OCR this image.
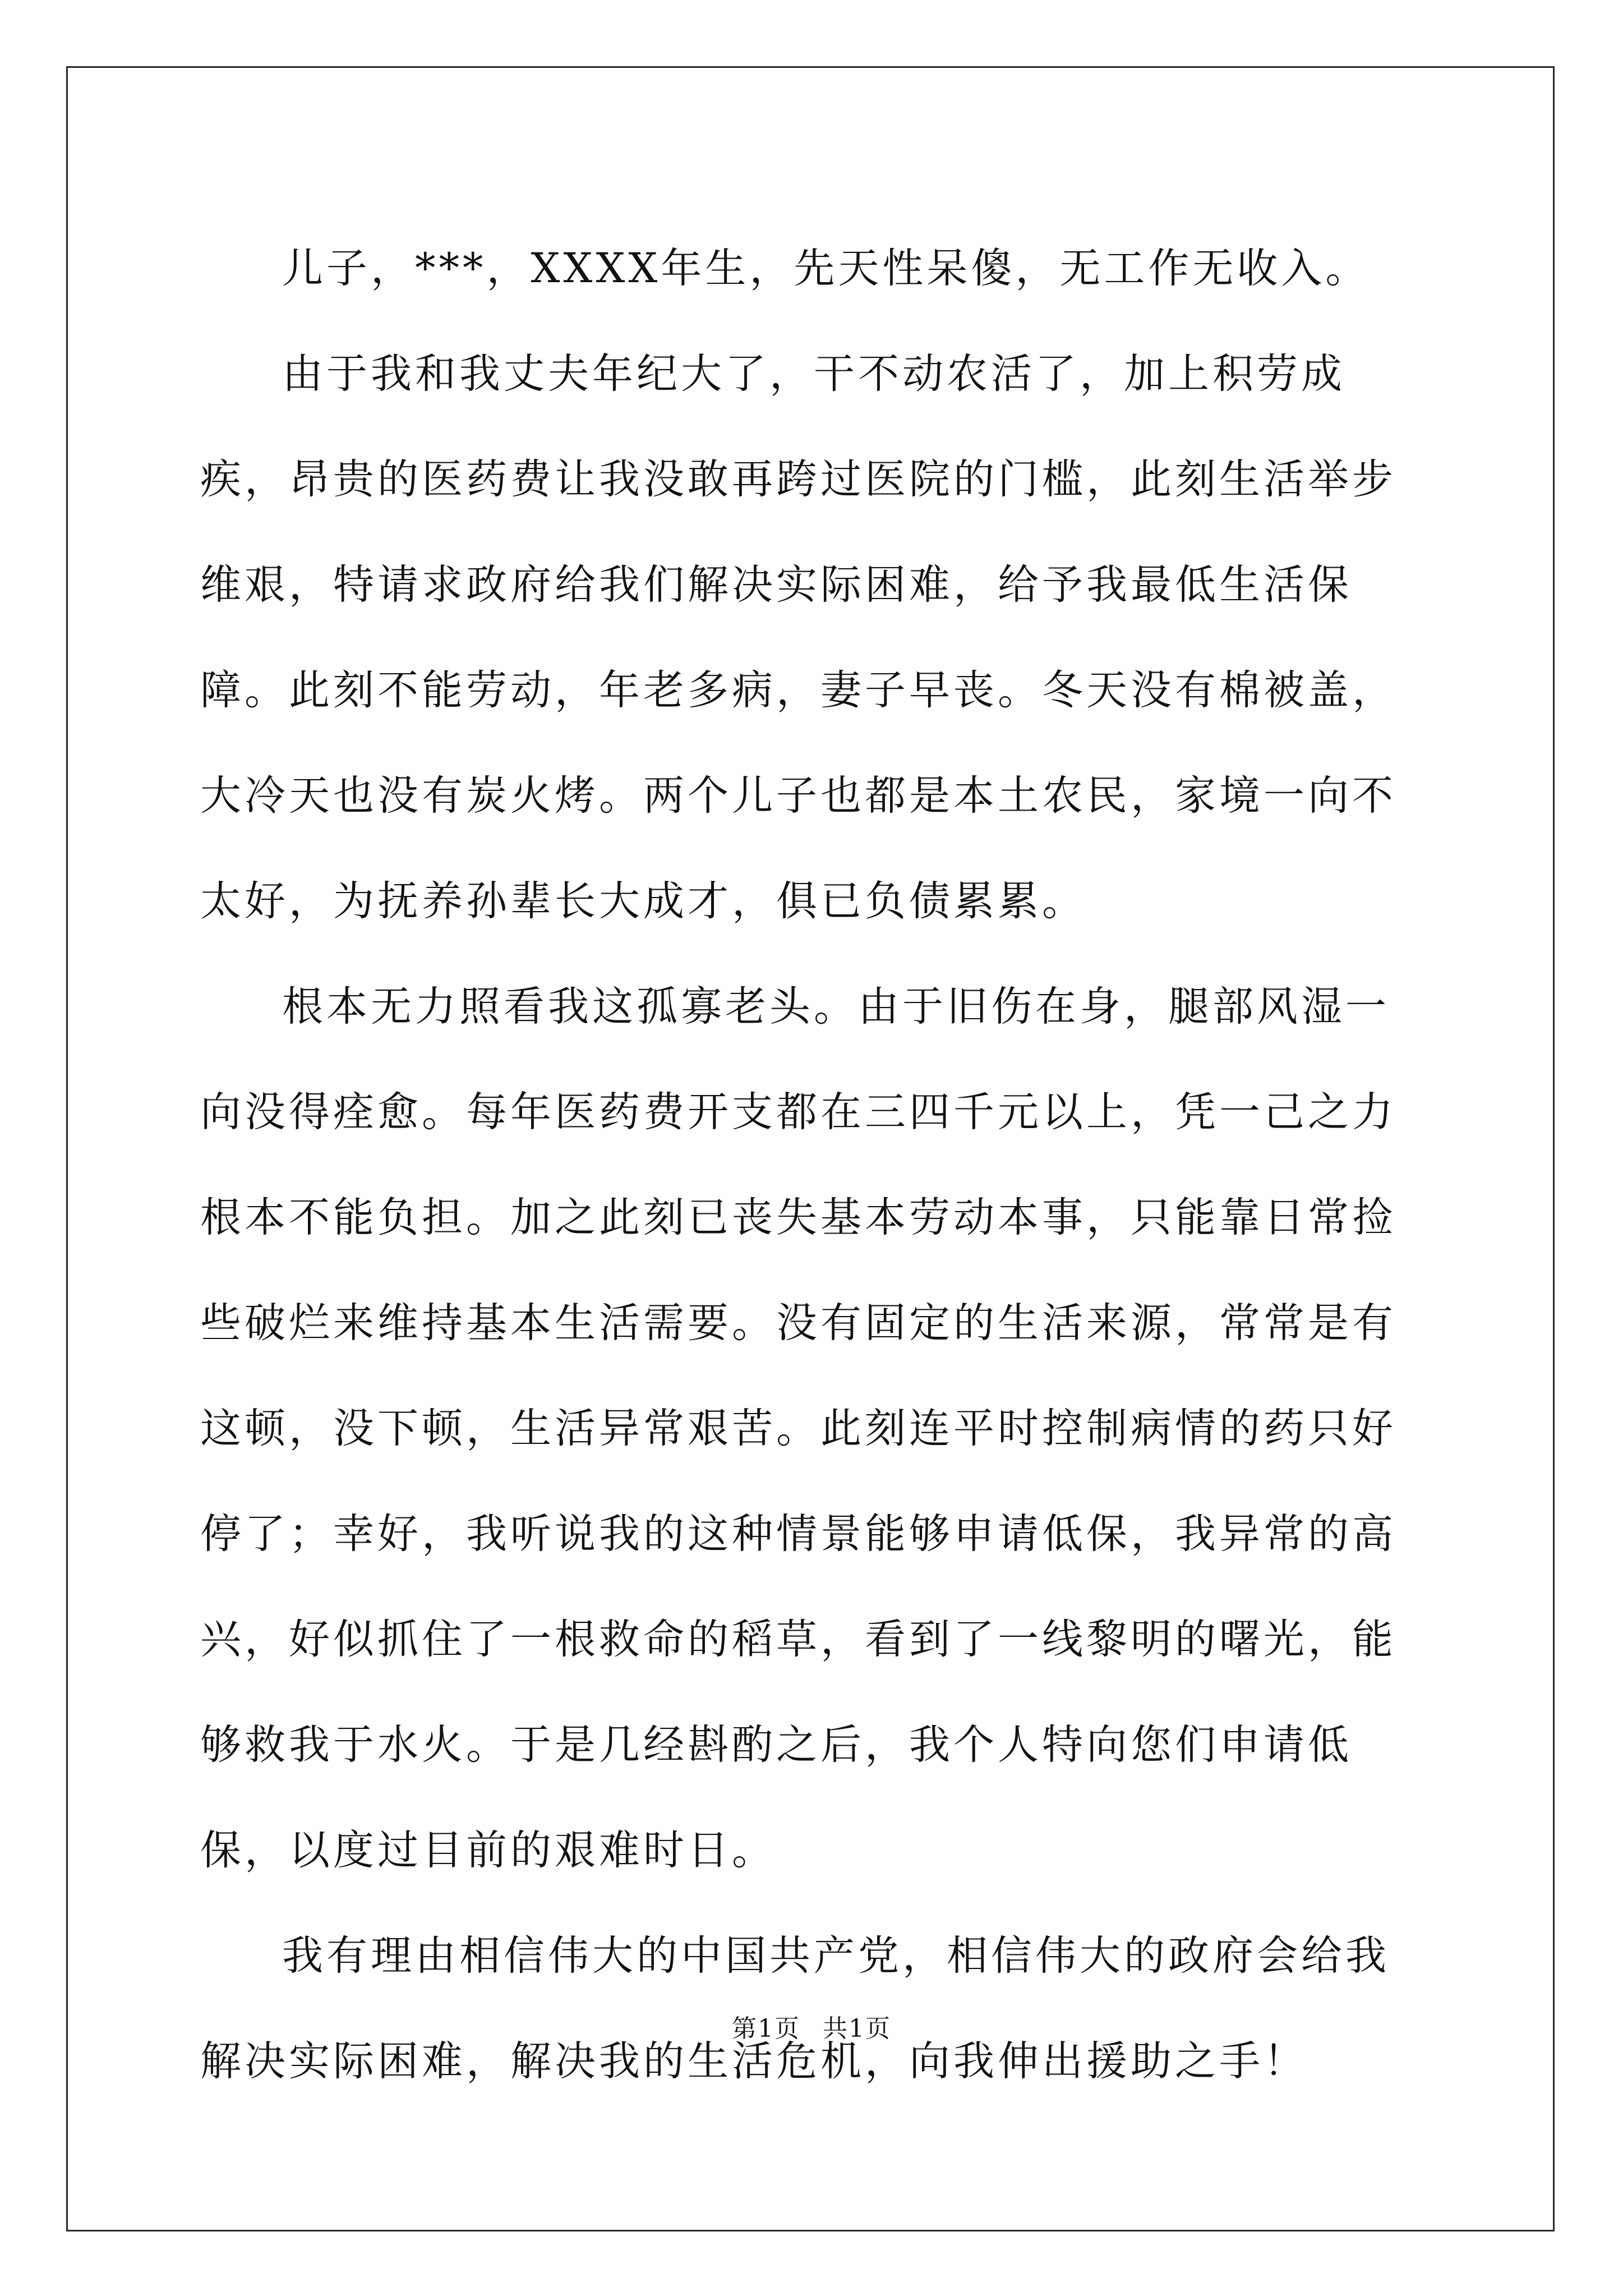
儿子，***，XXXX年生，先天性呆傻，无工作无收入。

由于我和我丈夫年纪大了，干不动农活了，加上积劳成疾，昂贵的医药费让我没敢再跨过医院的门槛，此刻生活举步维艰，特请求政府给我们解决实际困难，给予我最低生活保障。此刻不能劳动，年老多病，妻子早丧。冬天没有棉被盖，大冷天也没有炭火烤。两个儿子也都是本土农民，家境一向不太好，为抚养孙辈长大成才，俱已负债累累。

根本无力照看我这孤寡老头。由于旧伤在身，腿部风湿一向没得痊愈。每年医药费开支都在三四千元以上，凭一己之力根本不能负担。加之此刻已丧失基本劳动本事，只能靠日常捡些破烂来维持基本生活需要。没有固定的生活来源，常常是有这顿，没下顿，生活异常艰苦。此刻连平时控制病情的药只好停了；幸好，我听说我的这种情景能够申请低保，我异常的高兴，好似抓住了一根救命的稻草，看到了一线黎明的曙光，能够救我于水火。于是几经斟酌之后，我个人特向您们申请低保，以度过目前的艰难时日。

我有理由相信伟大的中国共产党，相信伟大的政府会给我解决实际困难，解决我的生活危机，向我伸出援助之手！

第1页 共1页
